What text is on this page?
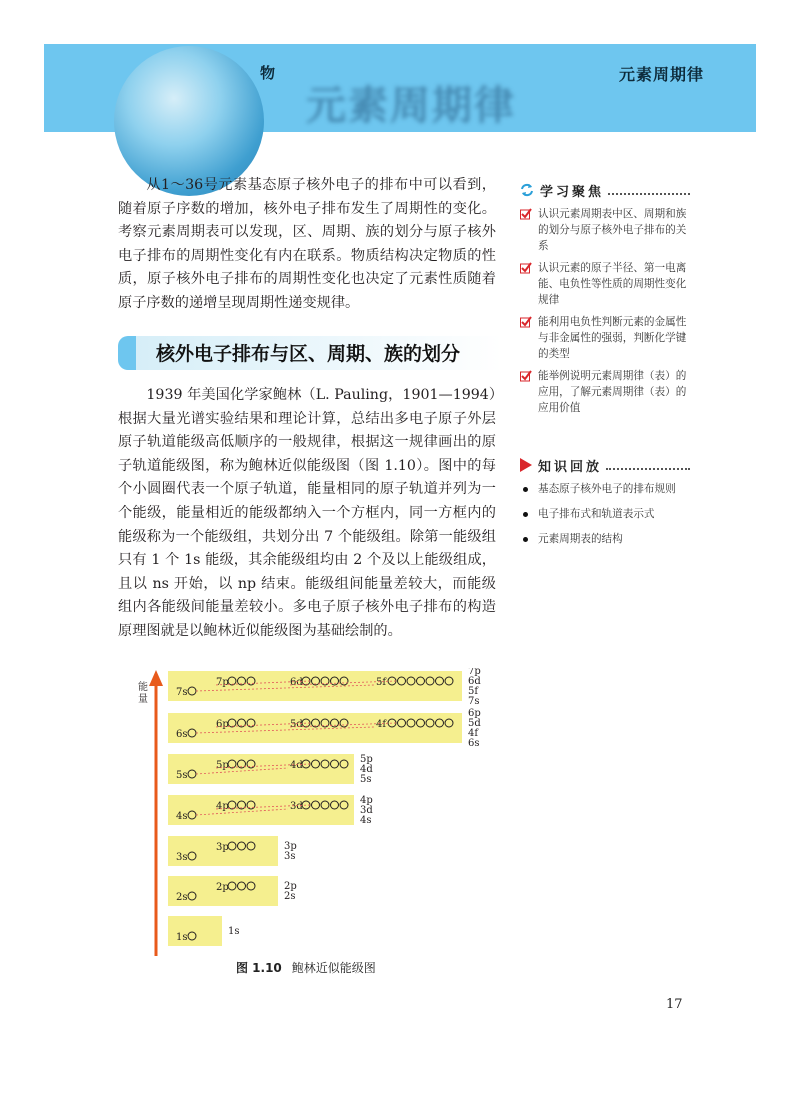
物
元素周期律
元素周期律

从1～36号元素基态原子核外电子的排布中可以看到，随着原子序数的增加，核外电子排布发生了周期性的变化。考察元素周期表可以发现，区、周期、族的划分与原子核外电子排布的周期性变化有内在联系。物质结构决定物质的性质，原子核外电子排布的周期性变化也决定了元素性质随着原子序数的递增呈现周期性递变规律。

核外电子排布与区、周期、族的划分

1939 年美国化学家鲍林（L. Pauling，1901—1994）根据大量光谱实验结果和理论计算，总结出多电子原子外层原子轨道能级高低顺序的一般规律，根据这一规律画出的原子轨道能级图，称为鲍林近似能级图（图 1.10）。图中的每个小圆圈代表一个原子轨道，能量相同的原子轨道并列为一个能级，能量相近的能级都纳入一个方框内，同一方框内的能级称为一个能级组，共划分出 7 个能级组。除第一能级组只有 1 个 1s 能级，其余能级组均由 2 个及以上能级组成，且以 ns 开始，以 np 结束。能级组间能量差较大，而能级组内各能级间能量差较小。多电子原子核外电子排布的构造原理图就是以鲍林近似能级图为基础绘制的。

学习聚焦
认识元素周期表中区、周期和族的划分与原子核外电子排布的关系
认识元素的原子半径、第一电离能、电负性等性质的周期性变化规律
能利用电负性判断元素的金属性与非金属性的强弱，判断化学键的类型
能举例说明元素周期律（表）的应用，了解元素周期律（表）的应用价值
知识回放
基态原子核外电子的排布规则
电子排布式和轨道表示式
元素周期表的结构
能
量
1s
1s
2s
2p	2p
2s
3s
3p	3p
3s
4s
3d
4p
4p
3d
4s
5s
4d
5p
5p
4d
5s
6s
4f
5d
6p
6p
5d
4f
6s
7s
5f
6d
7p
7p
6d
5f
7s
图 1.10 鲍林近似能级图
17
